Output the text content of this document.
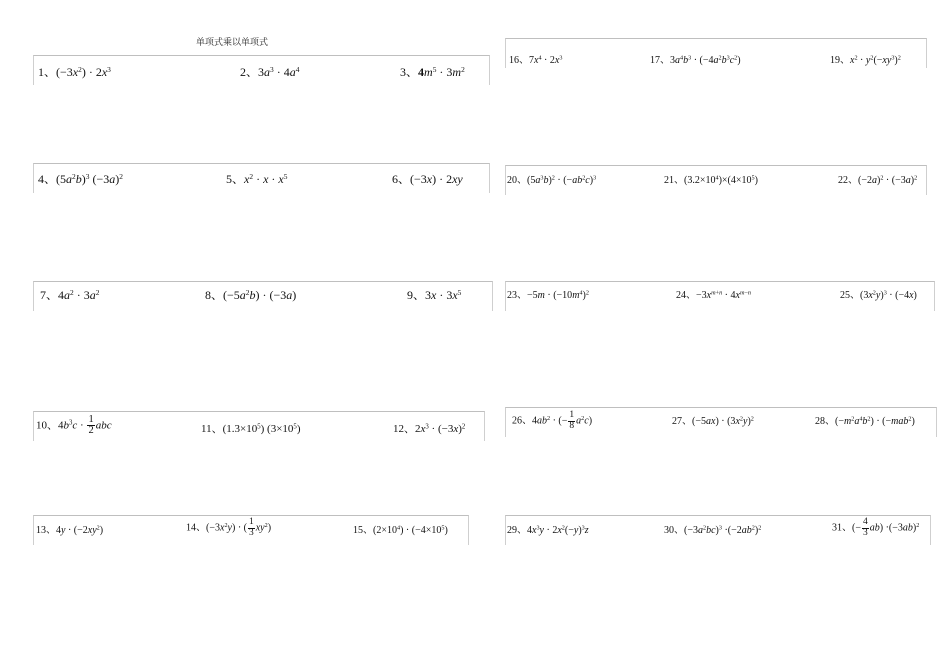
单项式乘以单项式
1、$(-3x^2) \cdot 2x^3$	2、$3a^3 \cdot 4a^4$	3、$4m^5 \cdot 3m^2$
4、$(5a^2b)^3$ $(-3a)^2$	5、$x^2 \cdot x \cdot x^5$	6、(−3x) · 2xy
7、$4a^2 \cdot 3a^2$	8、$(-5a^2b) \cdot (-3a)$	9、$3x \cdot 3x^5$
10、$4b^3c \cdot \frac{1}{2}$ abc	11、$(1.3\times 10^5)$ $(3\times 10^5)$	12、$2x^3 \cdot (-3x)^2$
13、$4y \cdot (-2xy^2)$	14、$(-3x^2y)$ · ( $\frac{1}{3} xy^2$)	15、$(2\times 10^4) \cdot (-4\times 10^5)$
16、$7x^4 \cdot 2x^3$	17、$3a^4b^3 \cdot (-4a^2b^3c^2)$	19、$x^2 \cdot y^2(-xy^3)^2$
20、$(5a^3b)^2 \cdot (-ab^2c)^3$	21、$(3.2\times 10^4)\times(4\times 10^5)$	22、$(-2a)^2 \cdot (-3a)^2$
23、$-5m \cdot (-10m^4)^2$	24、$-3x^{m+n} \cdot 4x^{m-n}$	25、$(3x^2y)^3 \cdot (-4x)$
26、$4ab^2$ · (− $\frac{1}{8} a^2c$)	27、$(-5ax) \cdot (3x^2y)^2$	28、$(-m^2a^4b^2) \cdot (-mab^2)$
29、$4x^3y \cdot 2x^2(-y)^3z$	30、$(-3a^2bc)^3 \cdot(-2ab^2)^2$	31、(− $\frac{4}{3} ab) \cdot(-3ab)^2$
